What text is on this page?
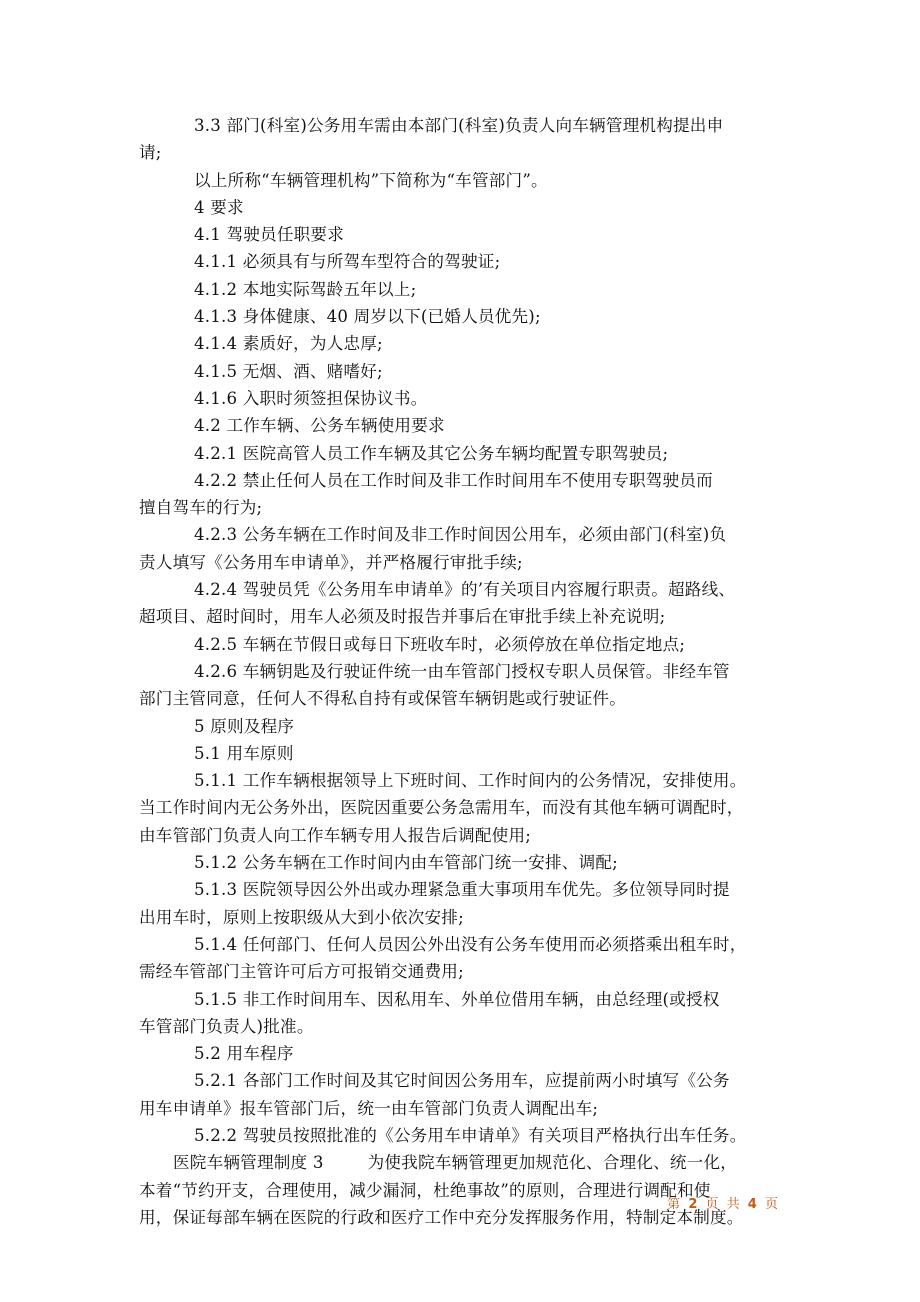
3.3 部门(科室)公务用车需由本部门(科室)负责人向车辆管理机构提出申
请;
以上所称“车辆管理机构”下简称为“车管部门”。
4 要求
4.1 驾驶员任职要求
4.1.1 必须具有与所驾车型符合的驾驶证;
4.1.2 本地实际驾龄五年以上;
4.1.3 身体健康、40 周岁以下(已婚人员优先);
4.1.4 素质好，为人忠厚;
4.1.5 无烟、酒、赌嗜好;
4.1.6 入职时须签担保协议书。
4.2 工作车辆、公务车辆使用要求
4.2.1 医院高管人员工作车辆及其它公务车辆均配置专职驾驶员;
4.2.2 禁止任何人员在工作时间及非工作时间用车不使用专职驾驶员而
擅自驾车的行为;
4.2.3 公务车辆在工作时间及非工作时间因公用车，必须由部门(科室)负
责人填写《公务用车申请单》，并严格履行审批手续;
4.2.4 驾驶员凭《公务用车申请单》的’有关项目内容履行职责。超路线、
超项目、超时间时，用车人必须及时报告并事后在审批手续上补充说明;
4.2.5 车辆在节假日或每日下班收车时，必须停放在单位指定地点;
4.2.6 车辆钥匙及行驶证件统一由车管部门授权专职人员保管。非经车管
部门主管同意，任何人不得私自持有或保管车辆钥匙或行驶证件。
5 原则及程序
5.1 用车原则
5.1.1 工作车辆根据领导上下班时间、工作时间内的公务情况，安排使用。
当工作时间内无公务外出，医院因重要公务急需用车，而没有其他车辆可调配时，
由车管部门负责人向工作车辆专用人报告后调配使用;
5.1.2 公务车辆在工作时间内由车管部门统一安排、调配;
5.1.3 医院领导因公外出或办理紧急重大事项用车优先。多位领导同时提
出用车时，原则上按职级从大到小依次安排;
5.1.4 任何部门、任何人员因公外出没有公务车使用而必须搭乘出租车时，
需经车管部门主管许可后方可报销交通费用;
5.1.5 非工作时间用车、因私用车、外单位借用车辆，由总经理(或授权
车管部门负责人)批准。
5.2 用车程序
5.2.1 各部门工作时间及其它时间因公务用车，应提前两小时填写《公务
用车申请单》报车管部门后，统一由车管部门负责人调配出车;
5.2.2 驾驶员按照批准的《公务用车申请单》有关项目严格执行出车任务。
医院车辆管理制度 3	为使我院车辆管理更加规范化、合理化、统一化，
本着“节约开支，合理使用，减少漏洞，杜绝事故”的原则，合理进行调配和使
用，保证每部车辆在医院的行政和医疗工作中充分发挥服务作用，特制定本制度。
第 2 页 共 4 页
